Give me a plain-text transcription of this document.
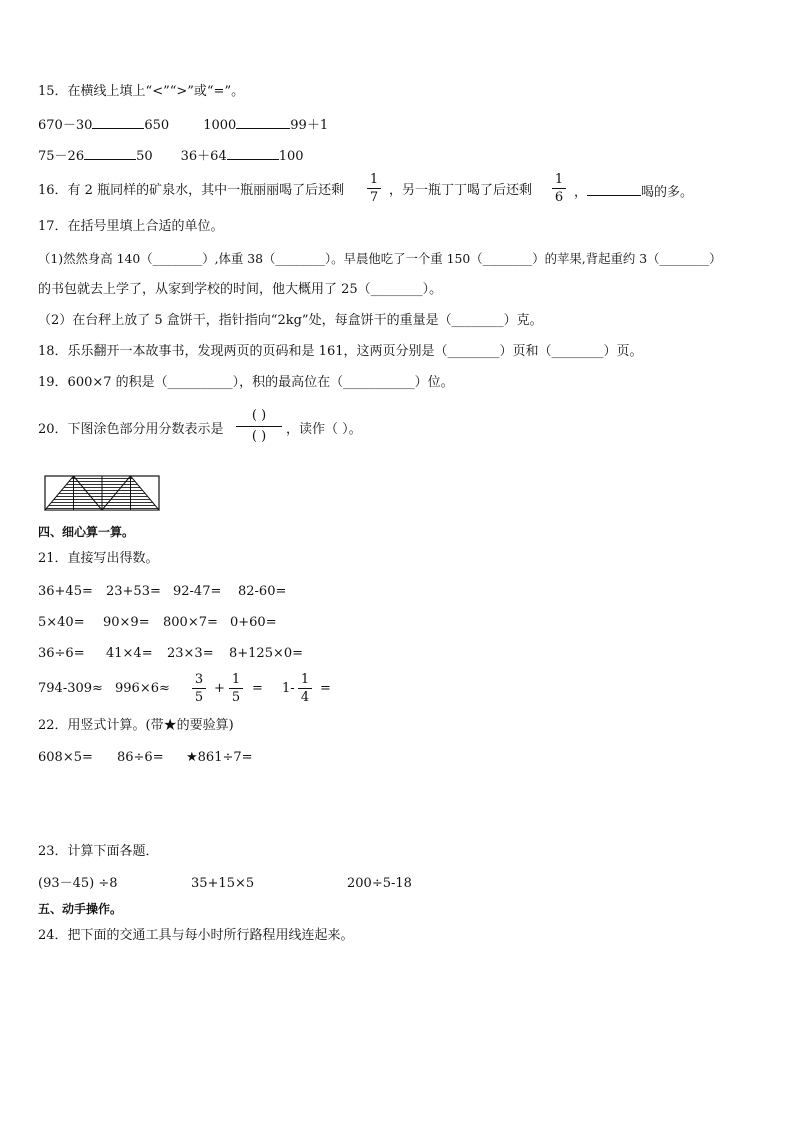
15．在横线上填上“<”“>”或“=”。
670－30	650	1000	99＋1
75－26	50 36＋64	100
16．有 2 瓶同样的矿泉水，其中一瓶丽丽喝了后还剩
1
7 ，另一瓶丁丁喝了后还剩
1
6 ，	喝的多。
17．在括号里填上合适的单位。
（1)然然身高 140（________）,体重 38（________）。早晨他吃了一个重 150（________）的苹果,背起重约 3（________）
的书包就去上学了，从家到学校的时间，他大概用了 25（________）。
（2）在台秤上放了 5 盒饼干，指针指向“2kg”处，每盒饼干的重量是（________）克。
18．乐乐翻开一本故事书，发现两页的页码和是 161，这两页分别是（________）页和（________）页。
19．600×7 的积是（__________），积的最高位在（___________）位。
20．下图涂色部分用分数表示是
( )
( )	，读作（ ）。
四、细心算一算。
21．直接写出得数。
36+45= 23+53= 92-47= 82-60=
5×40= 90×9= 800×7= 0+60=
36÷6= 41×4= 23×3= 8+125×0=
794-309≈ 996×6≈
3
5
+
1
5
= 1-
1
4
=
22．用竖式计算。(带★的要验算)
608×5= 86÷6= ★861÷7=
23．计算下面各题．
(93－45) ÷8	35+15×5	200÷5-18
五、动手操作。
24．把下面的交通工具与每小时所行路程用线连起来。
